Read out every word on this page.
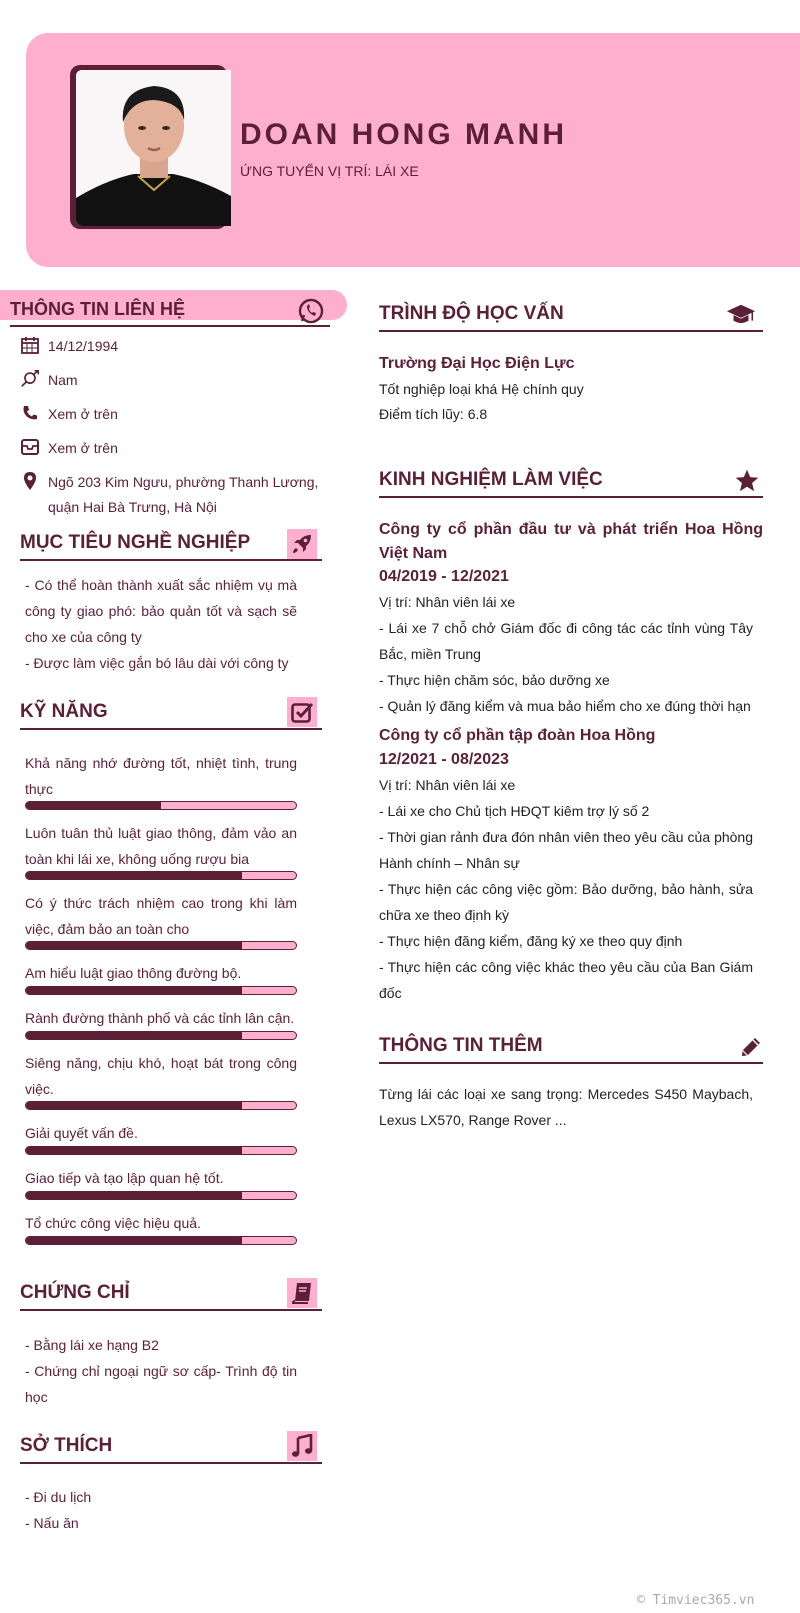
DOAN HONG MANH
ỨNG TUYỂN VỊ TRÍ: LÁI XE
THÔNG TIN LIÊN HỆ
14/12/1994
Nam
Xem ở trên
Xem ở trên
Ngõ 203 Kim Ngưu, phường Thanh Lương,
quận Hai Bà Trưng, Hà Nội
MỤC TIÊU NGHỀ NGHIỆP
- Có thể hoàn thành xuất sắc nhiệm vụ mà công ty giao phó: bảo quản tốt và sạch sẽ cho xe của công ty
- Được làm việc gắn bó lâu dài với công ty
KỸ NĂNG
Khả năng nhớ đường tốt, nhiệt tình, trung thực
Luôn tuân thủ luật giao thông, đảm vảo an toàn khi lái xe, không uống rượu bia
Có ý thức trách nhiệm cao trong khi làm việc, đảm bảo an toàn cho
Am hiểu luật giao thông đường bộ.
Rành đường thành phố và các tỉnh lân cận.
Siêng năng, chịu khó, hoạt bát trong công việc.
Giải quyết vấn đề.
Giao tiếp và tạo lập quan hệ tốt.
Tổ chức công việc hiệu quả.
CHỨNG CHỈ
- Bằng lái xe hạng B2
- Chứng chỉ ngoại ngữ sơ cấp- Trình độ tin học
SỞ THÍCH
- Đi du lịch
- Nấu ăn
TRÌNH ĐỘ HỌC VẤN
Trường Đại Học Điện Lực
Tốt nghiệp loại khá Hệ chính quy
Điểm tích lũy: 6.8
KINH NGHIỆM LÀM VIỆC
Công ty cổ phần đầu tư và phát triển Hoa Hồng Việt Nam
04/2019 - 12/2021
Vị trí: Nhân viên lái xe
- Lái xe 7 chỗ chở Giám đốc đi công tác các tỉnh vùng Tây Bắc, miền Trung
- Thực hiện chăm sóc, bảo dưỡng xe
- Quản lý đăng kiểm và mua bảo hiểm cho xe đúng thời hạn
Công ty cổ phần tập đoàn Hoa Hồng
12/2021 - 08/2023
Vị trí: Nhân viên lái xe
- Lái xe cho Chủ tịch HĐQT kiêm trợ lý số 2
- Thời gian rảnh đưa đón nhân viên theo yêu cầu của phòng Hành chính – Nhân sự
- Thực hiện các công việc gồm: Bảo dưỡng, bảo hành, sửa chữa xe theo định kỳ
- Thực hiện đăng kiểm, đăng ký xe theo quy định
- Thực hiện các công việc khác theo yêu cầu của Ban Giám đốc
THÔNG TIN THÊM
Từng lái các loại xe sang trọng: Mercedes S450 Maybach, Lexus LX570, Range Rover ...
© Timviec365.vn
